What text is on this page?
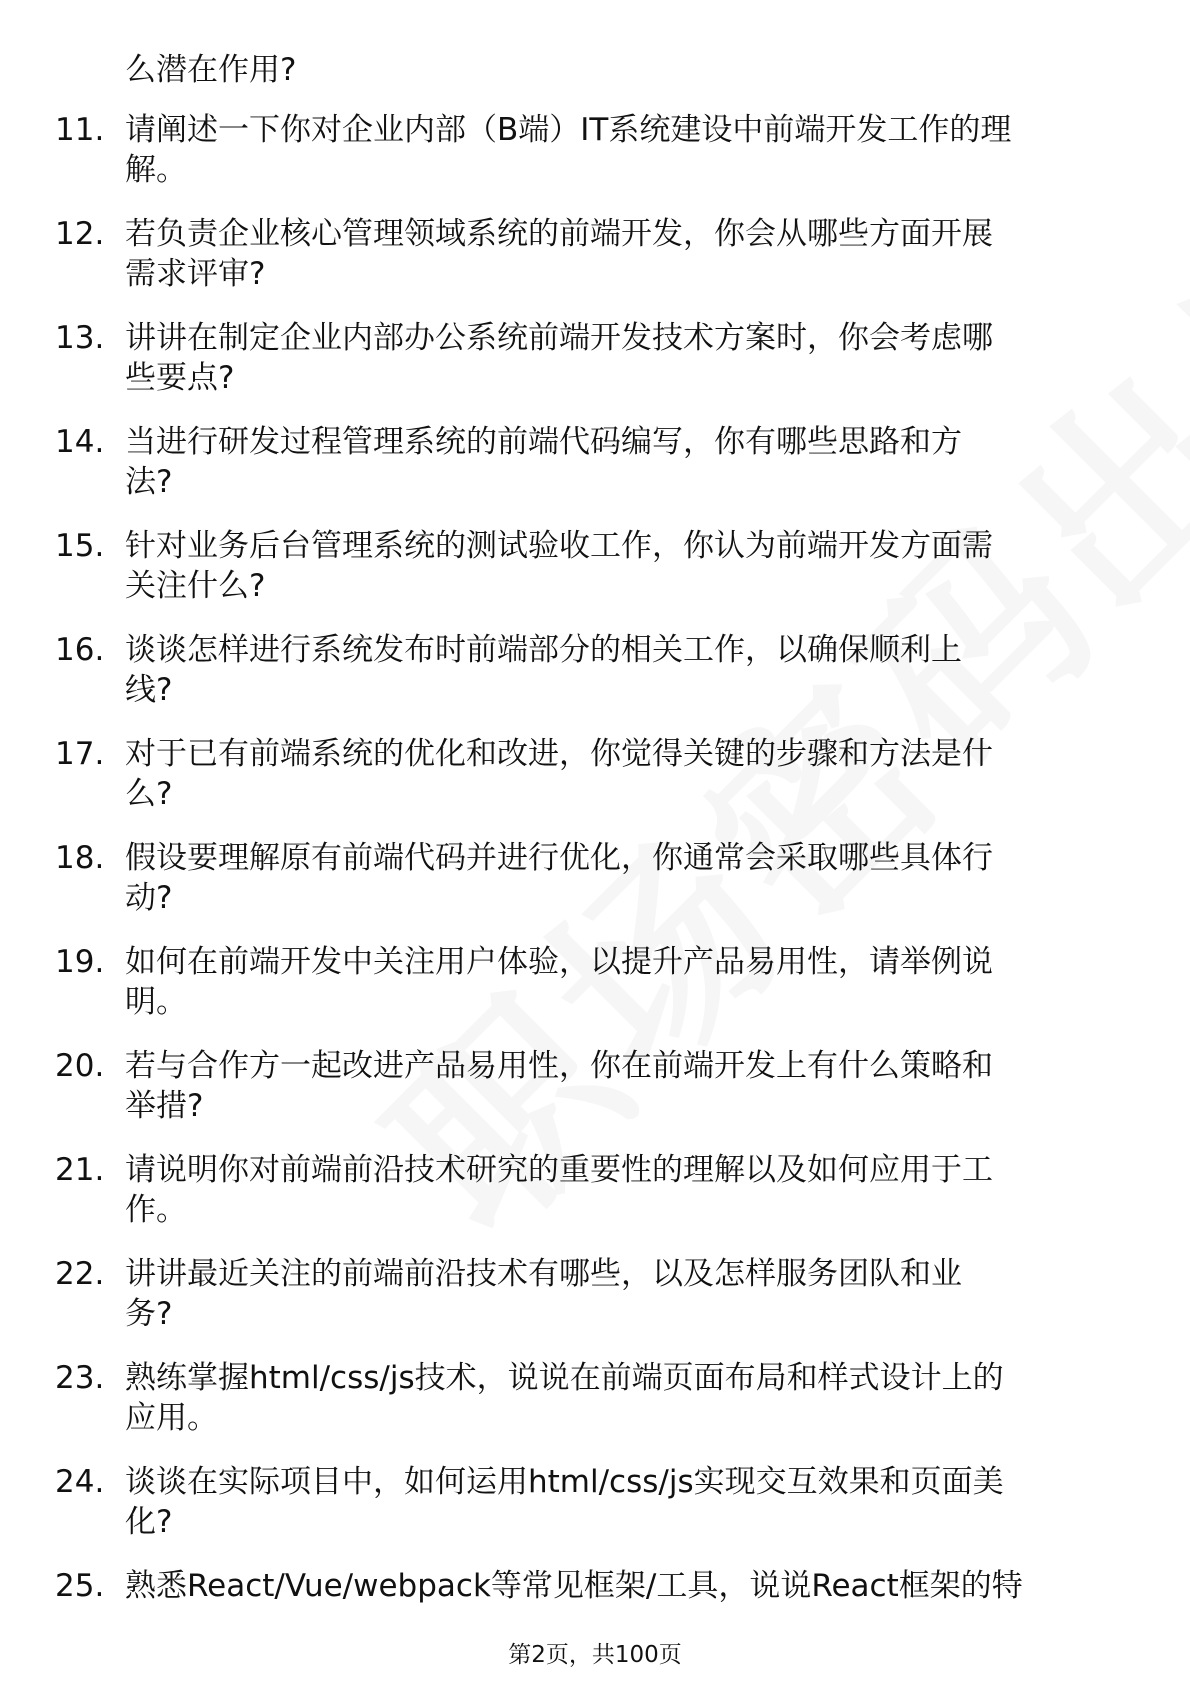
么潜在作用?
11. 请阐述一下你对企业内部（B端）IT系统建设中前端开发工作的理
解。
12. 若负责企业核心管理领域系统的前端开发，你会从哪些方面开展
需求评审?
13. 讲讲在制定企业内部办公系统前端开发技术方案时，你会考虑哪
些要点?
14. 当进行研发过程管理系统的前端代码编写，你有哪些思路和方
法?
15. 针对业务后台管理系统的测试验收工作，你认为前端开发方面需
关注什么?
16. 谈谈怎样进行系统发布时前端部分的相关工作，以确保顺利上
线?
17. 对于已有前端系统的优化和改进，你觉得关键的步骤和方法是什
么?
18. 假设要理解原有前端代码并进行优化，你通常会采取哪些具体行
动?
19. 如何在前端开发中关注用户体验，以提升产品易用性，请举例说
明。
20. 若与合作方一起改进产品易用性，你在前端开发上有什么策略和
举措?
21. 请说明你对前端前沿技术研究的重要性的理解以及如何应用于工
作。
22. 讲讲最近关注的前端前沿技术有哪些，以及怎样服务团队和业
务?
23. 熟练掌握html/css/js技术，说说在前端页面布局和样式设计上的
应用。
24. 谈谈在实际项目中，如何运用html/css/js实现交互效果和页面美
化?
25. 熟悉React/Vue/webpack等常见框架/工具，说说React框架的特
第2页，共100页
